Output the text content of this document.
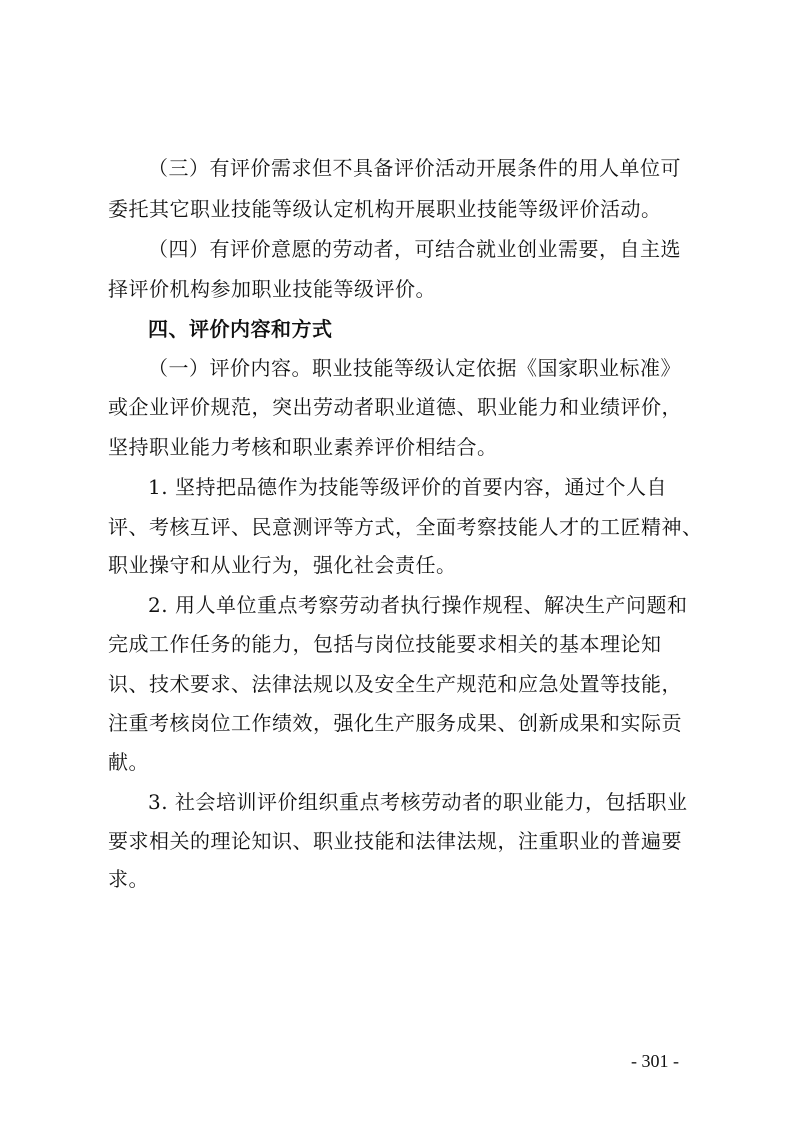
（三）有评价需求但不具备评价活动开展条件的用人单位可
委托其它职业技能等级认定机构开展职业技能等级评价活动。
（四）有评价意愿的劳动者，可结合就业创业需要，自主选
择评价机构参加职业技能等级评价。
四、评价内容和方式
（一）评价内容。职业技能等级认定依据《国家职业标准》
或企业评价规范，突出劳动者职业道德、职业能力和业绩评价，
坚持职业能力考核和职业素养评价相结合。
1. 坚持把品德作为技能等级评价的首要内容，通过个人自
评、考核互评、民意测评等方式，全面考察技能人才的工匠精神、
职业操守和从业行为，强化社会责任。
2. 用人单位重点考察劳动者执行操作规程、解决生产问题和
完成工作任务的能力，包括与岗位技能要求相关的基本理论知
识、技术要求、法律法规以及安全生产规范和应急处置等技能，
注重考核岗位工作绩效，强化生产服务成果、创新成果和实际贡
献。
3. 社会培训评价组织重点考核劳动者的职业能力，包括职业
要求相关的理论知识、职业技能和法律法规，注重职业的普遍要
求。
- 301 -
